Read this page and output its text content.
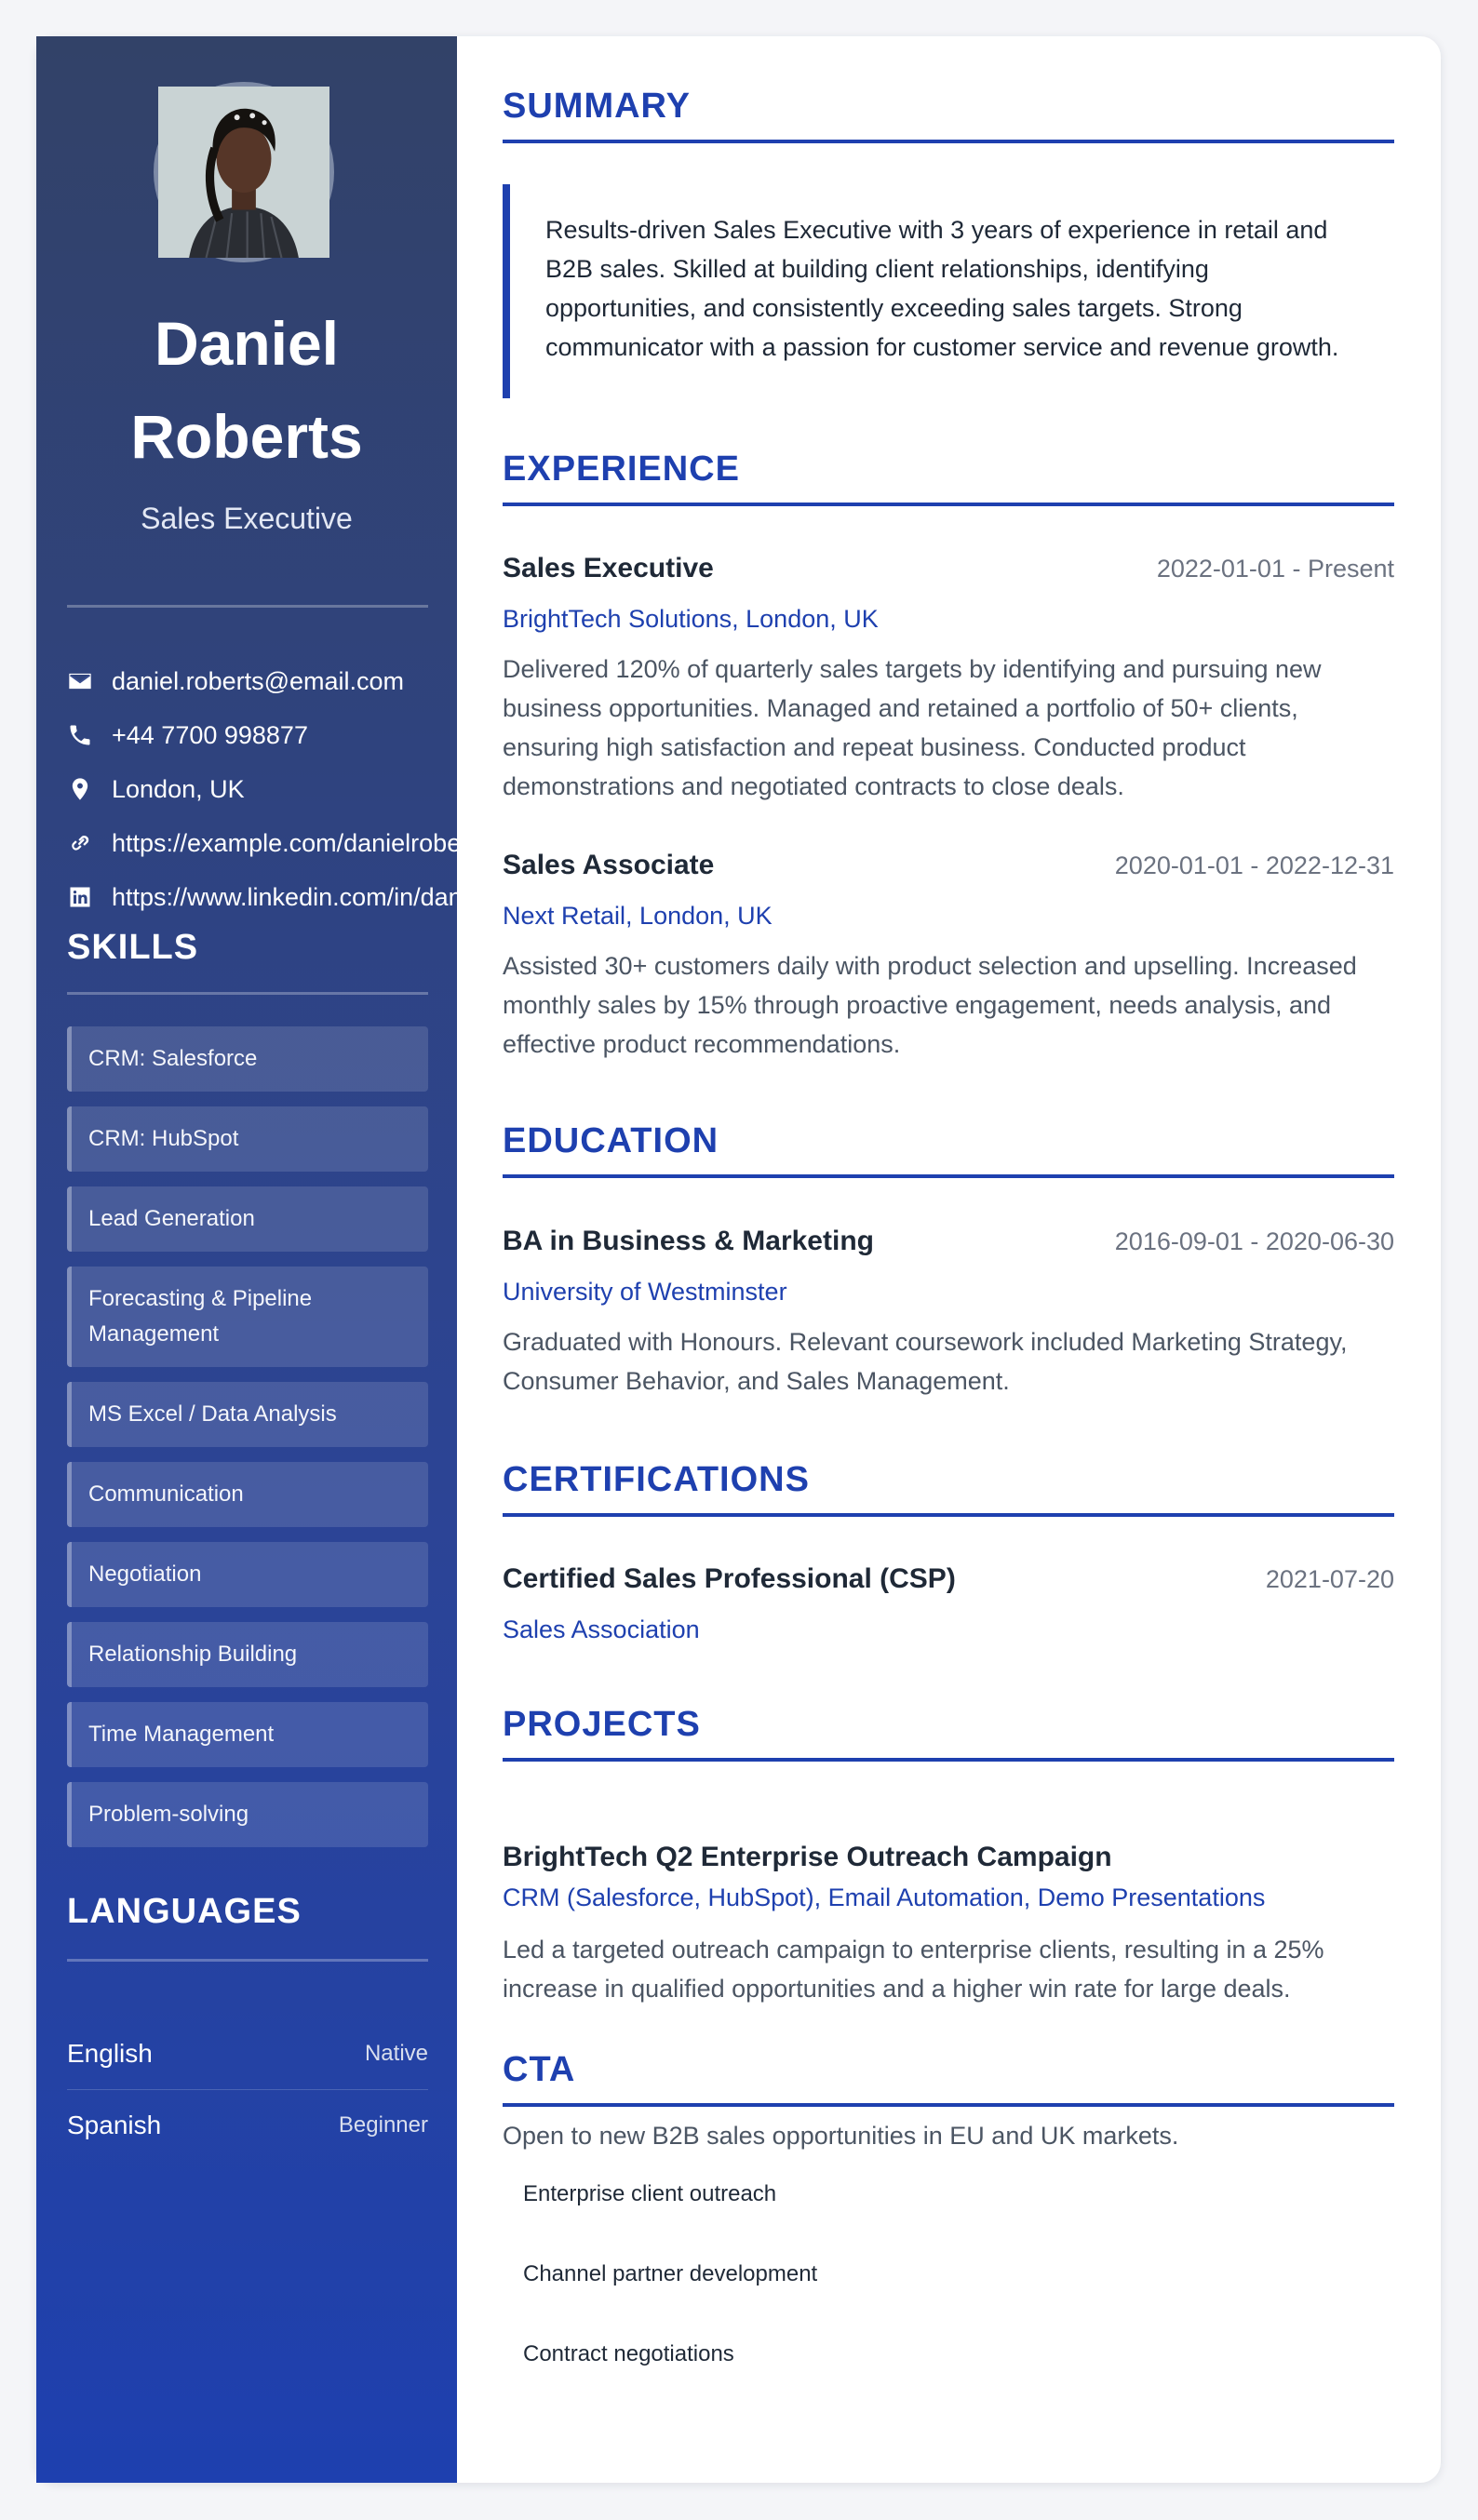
Daniel
Roberts
Sales Executive
daniel.roberts@email.com
+44 7700 998877
London, UK
https://example.com/danielroberts
https://www.linkedin.com/in/danielroberts
SKILLS
CRM: Salesforce
CRM: HubSpot
Lead Generation
Forecasting & Pipeline Management
MS Excel / Data Analysis
Communication
Negotiation
Relationship Building
Time Management
Problem-solving
LANGUAGES
English	Native
Spanish	Beginner
SUMMARY
Results-driven Sales Executive with 3 years of experience in retail and B2B sales. Skilled at building client relationships, identifying opportunities, and consistently exceeding sales targets. Strong communicator with a passion for customer service and revenue growth.
EXPERIENCE
Sales Executive	2022-01-01 - Present
BrightTech Solutions, London, UK
Delivered 120% of quarterly sales targets by identifying and pursuing new business opportunities. Managed and retained a portfolio of 50+ clients, ensuring high satisfaction and repeat business. Conducted product demonstrations and negotiated contracts to close deals.
Sales Associate	2020-01-01 - 2022-12-31
Next Retail, London, UK
Assisted 30+ customers daily with product selection and upselling. Increased monthly sales by 15% through proactive engagement, needs analysis, and effective product recommendations.
EDUCATION
BA in Business & Marketing	2016-09-01 - 2020-06-30
University of Westminster
Graduated with Honours. Relevant coursework included Marketing Strategy, Consumer Behavior, and Sales Management.
CERTIFICATIONS
Certified Sales Professional (CSP)	2021-07-20
Sales Association
PROJECTS
BrightTech Q2 Enterprise Outreach Campaign
CRM (Salesforce, HubSpot), Email Automation, Demo Presentations
Led a targeted outreach campaign to enterprise clients, resulting in a 25% increase in qualified opportunities and a higher win rate for large deals.
CTA
Open to new B2B sales opportunities in EU and UK markets.
Enterprise client outreach
Channel partner development
Contract negotiations
